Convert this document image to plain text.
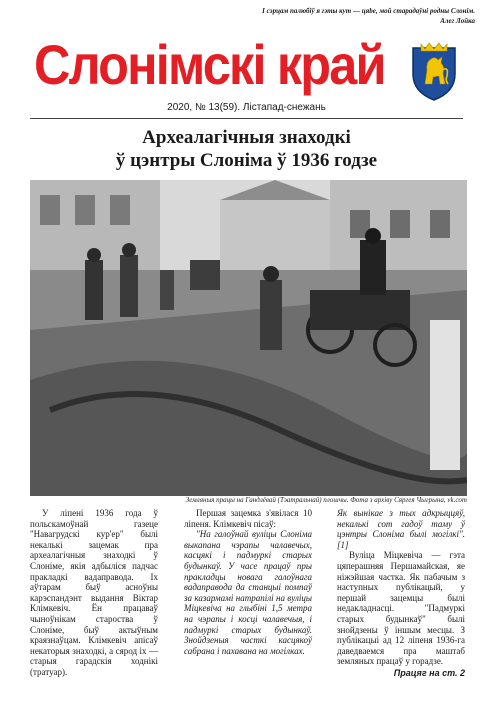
І сэрцам палюбіў я гэты кут — цяbe, мой старадаўні родны Слонім.
Алег Лойка
Слонімскі край
2020, № 13(59). Лістапад-снежань
Археалагічныя знаходкі
ў цэнтры Слоніма ў 1936 годзе
Земляныя працы на Гандлёвай (Тэатральнай) плошчы. Фота з архіву Сяргея Чыгрына, vk.com

У ліпені 1936 года ў польскамоўнай газеце "Навагрудскі кур'ер" былі некалькі зацемак пра археалагічныя знаходкі ў Слоніме, якія адбыліся падчас пракладкі вадаправода. Іх аўтарам быў асноўны карэспандэнт выдання Віктар Клімкевіч. Ён працаваў чыноўнікам староства ў Слоніме, быў актыўным краязнаўцам. Клімкевіч апісаў некаторыя знаходкі, а сярод іх — старыя гарадскія ходнікі (тратуар).

Першая зацемка з'явілася 10 ліпеня. Клімкевіч пісаў:

"На галоўнай вуліцы Слоніма выкапана чэрапы чалавечых, касцякі і падмуркі старых будынкаў. У часе працаў пры пракладцы новага галоўнага вадаправода да станцыі помпаў за казармамі натрапілі на вуліцы Міцкевіча на глыбіні 1,5 метра на чэрапы і косці чалавечыя, і падмуркі старых будынкаў. Знойдзеныя часткі касцякоў сабрана і пахавана на могілках.

Як вынікае з тых адкрыццяў, некалькі сот гадоў таму ў цэнтры Слоніма былі могілкі".[1]

Вуліца Міцкевіча — гэта цяперашняя Першамайская, яе ніжэйшая частка. Як пабачым з наступных публікацый, у першай зацемцы былі недакладнасці. "Падмуркі старых будынкаў" былі знойдзены ў іншым месцы. З публікацыі ад 12 ліпеня 1936-га даведваемся пра маштаб земляных працаў у горадзе.

Працяг на ст. 2
